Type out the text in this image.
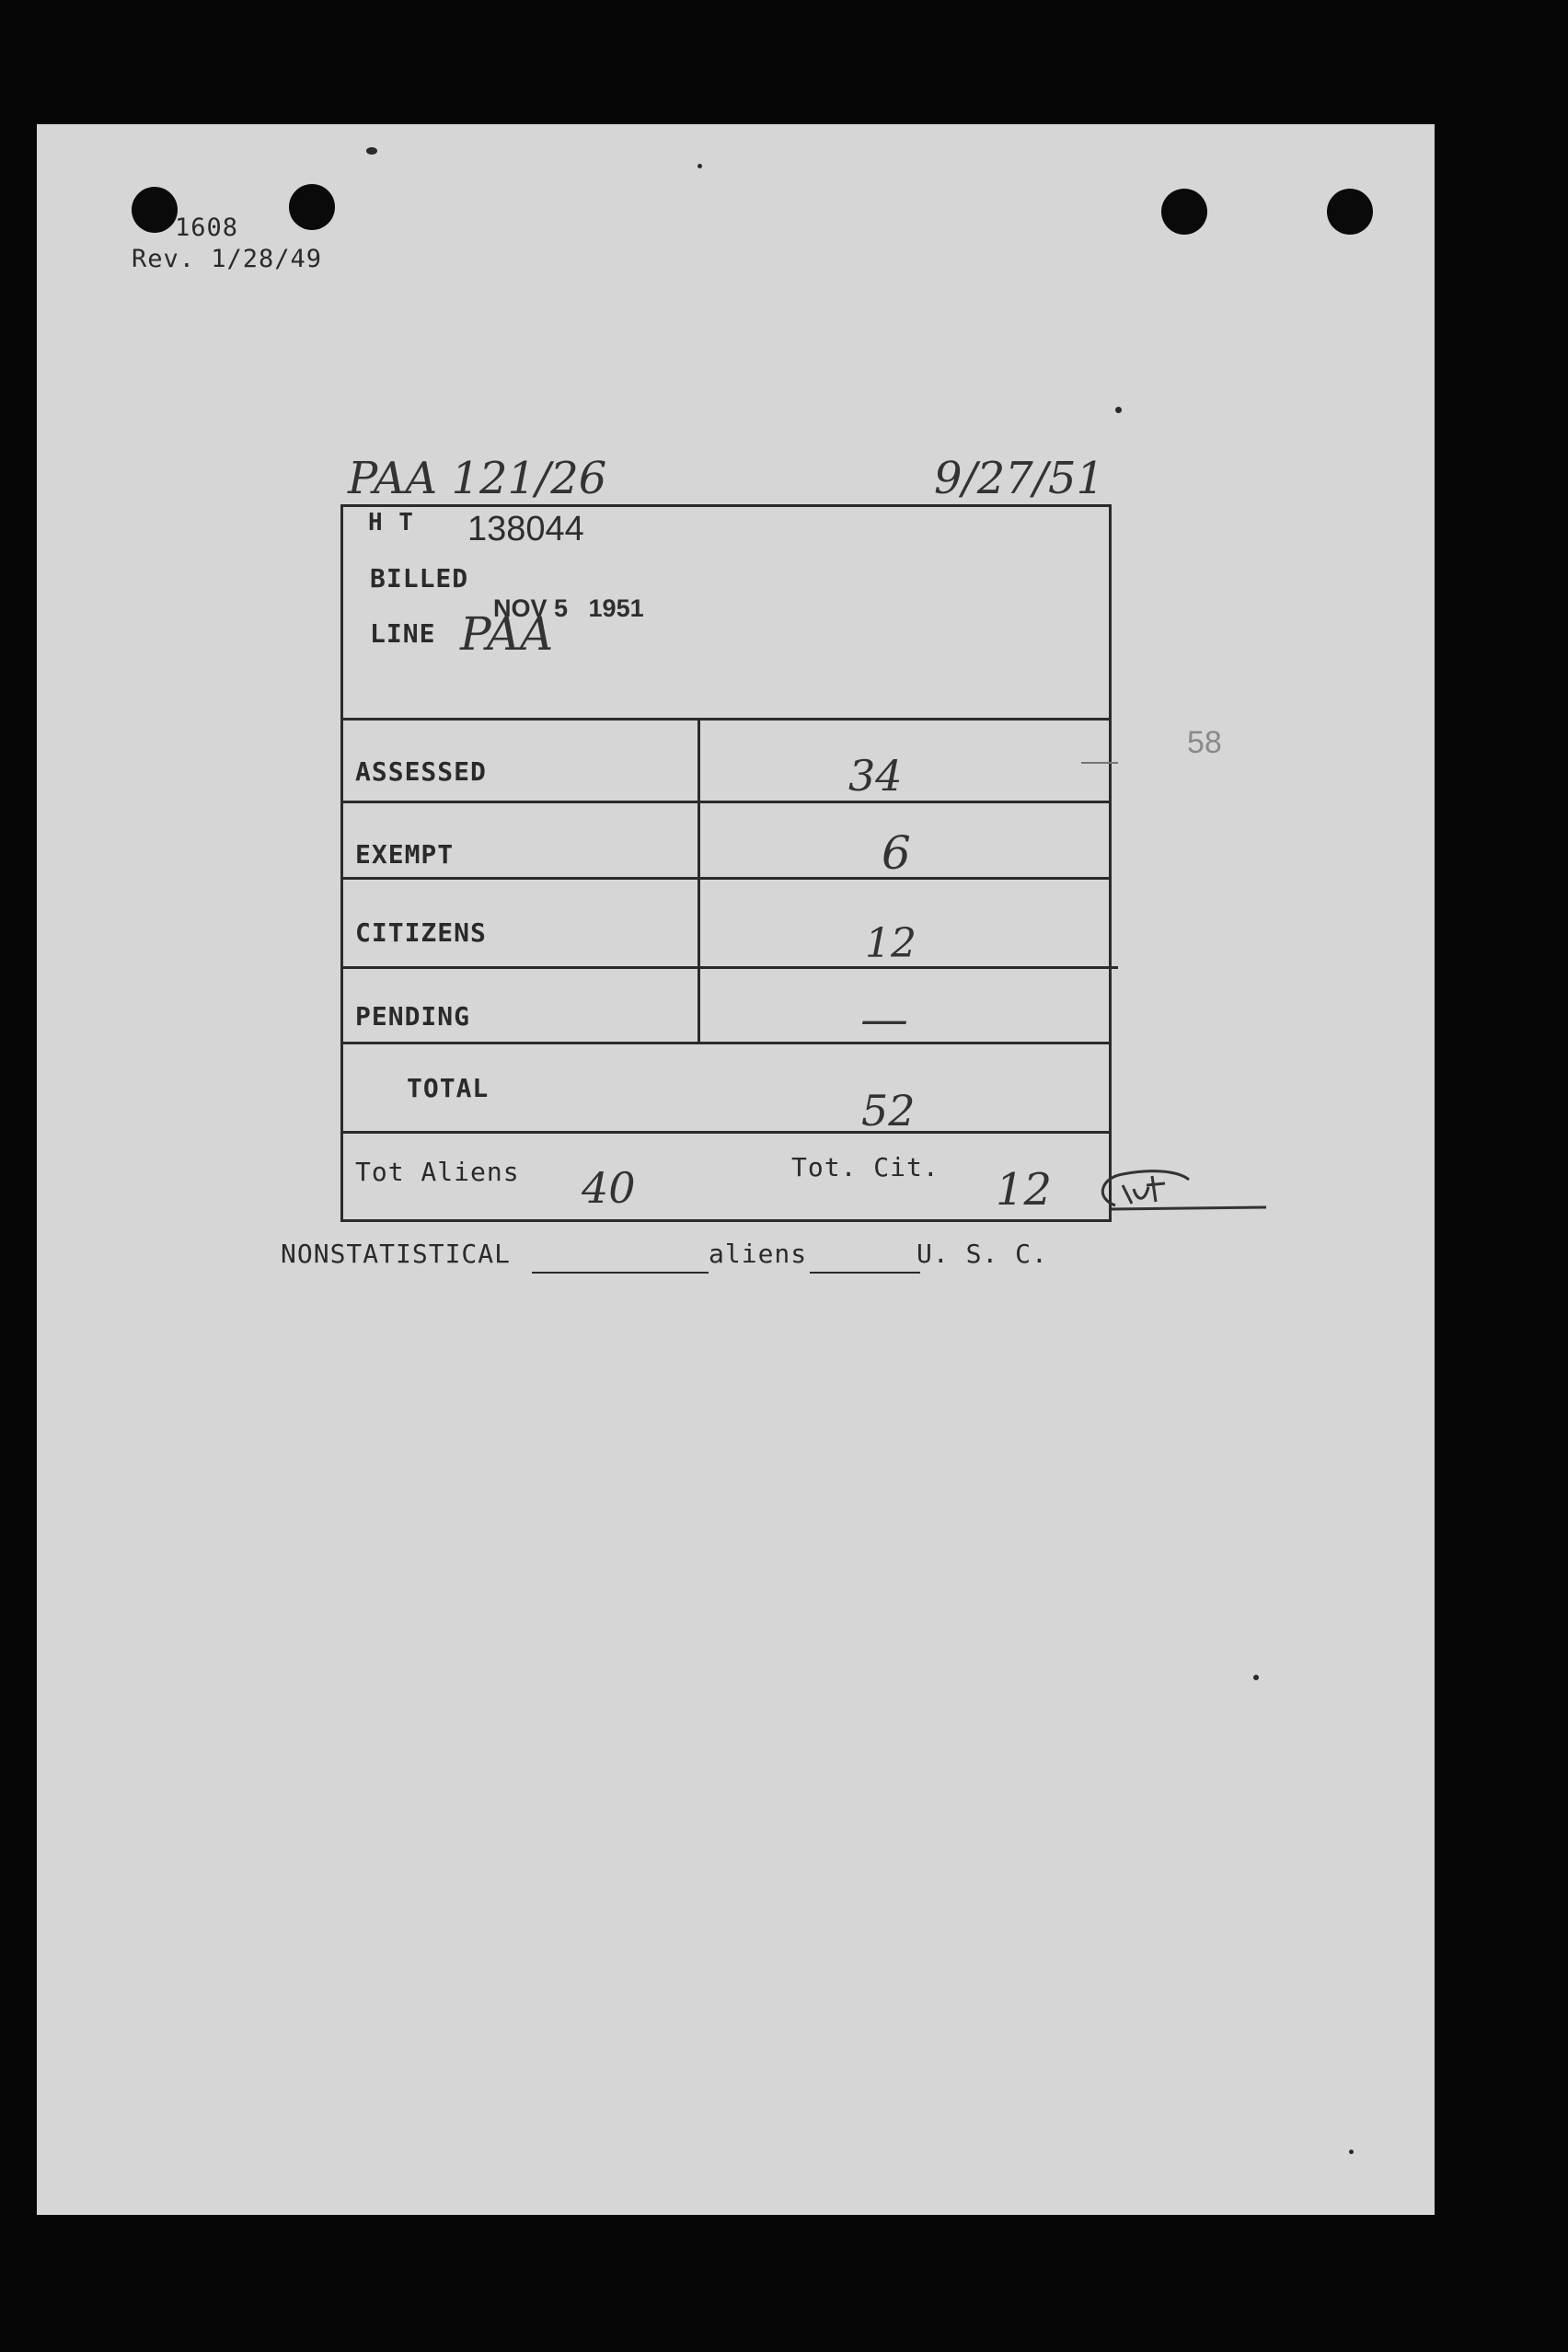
1608
Rev. 1/28/49
PAA 121/26	9/27/51
H T 138044
BILLED
NOV 5   1951
LINE PAA
ASSESSED	34
EXEMPT	6
CITIZENS	12
PENDING	—
TOTAL	52
58
Tot Aliens 40	Tot. Cit. 12
NONSTATISTICAL	aliens	U. S. C.
